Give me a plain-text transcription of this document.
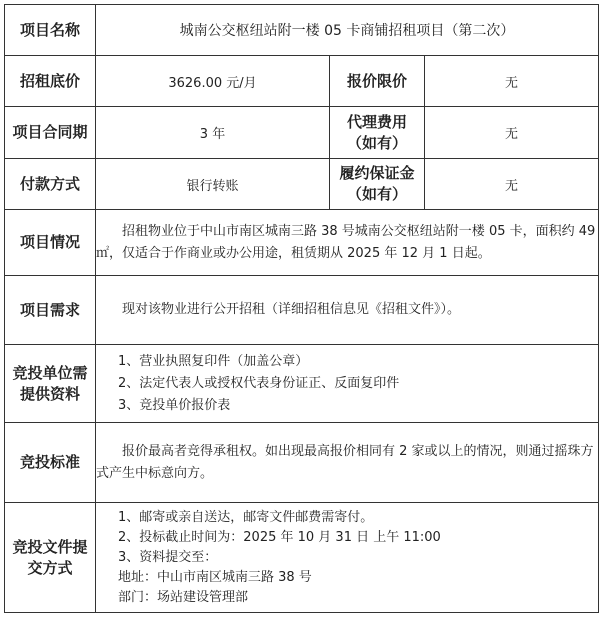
项目名称	城南公交枢纽站附一楼 05 卡商铺招租项目（第二次）		
招租底价	3626.00 元/月	报价限价	无
项目合同期	3 年	代理费用（如有）	无
付款方式	银行转账	履约保证金（如有）	无
项目情况	招租物业位于中山市南区城南三路 38 号城南公交枢纽站附一楼 05 卡，面积约 49㎡，仅适合于作商业或办公用途，租赁期从 2025 年 12 月 1 日起。		
项目需求	现对该物业进行公开招租（详细招租信息见《招租文件》）。		
竞投单位需提供资料	1、营业执照复印件（加盖公章）
2、法定代表人或授权代表身份证正、反面复印件
3、竞投单价报价表		

竞投标准	报价最高者竞得承租权。如出现最高报价相同有 2 家或以上的情况，则通过摇珠方式产生中标意向方。		
竞投文件提交方式	1、邮寄或亲自送达，邮寄文件邮费需寄付。
2、投标截止时间为：2025 年 10 月 31 日 上午 11:00
3、资料提交至：
地址：中山市南区城南三路 38 号
部门：场站建设管理部		
